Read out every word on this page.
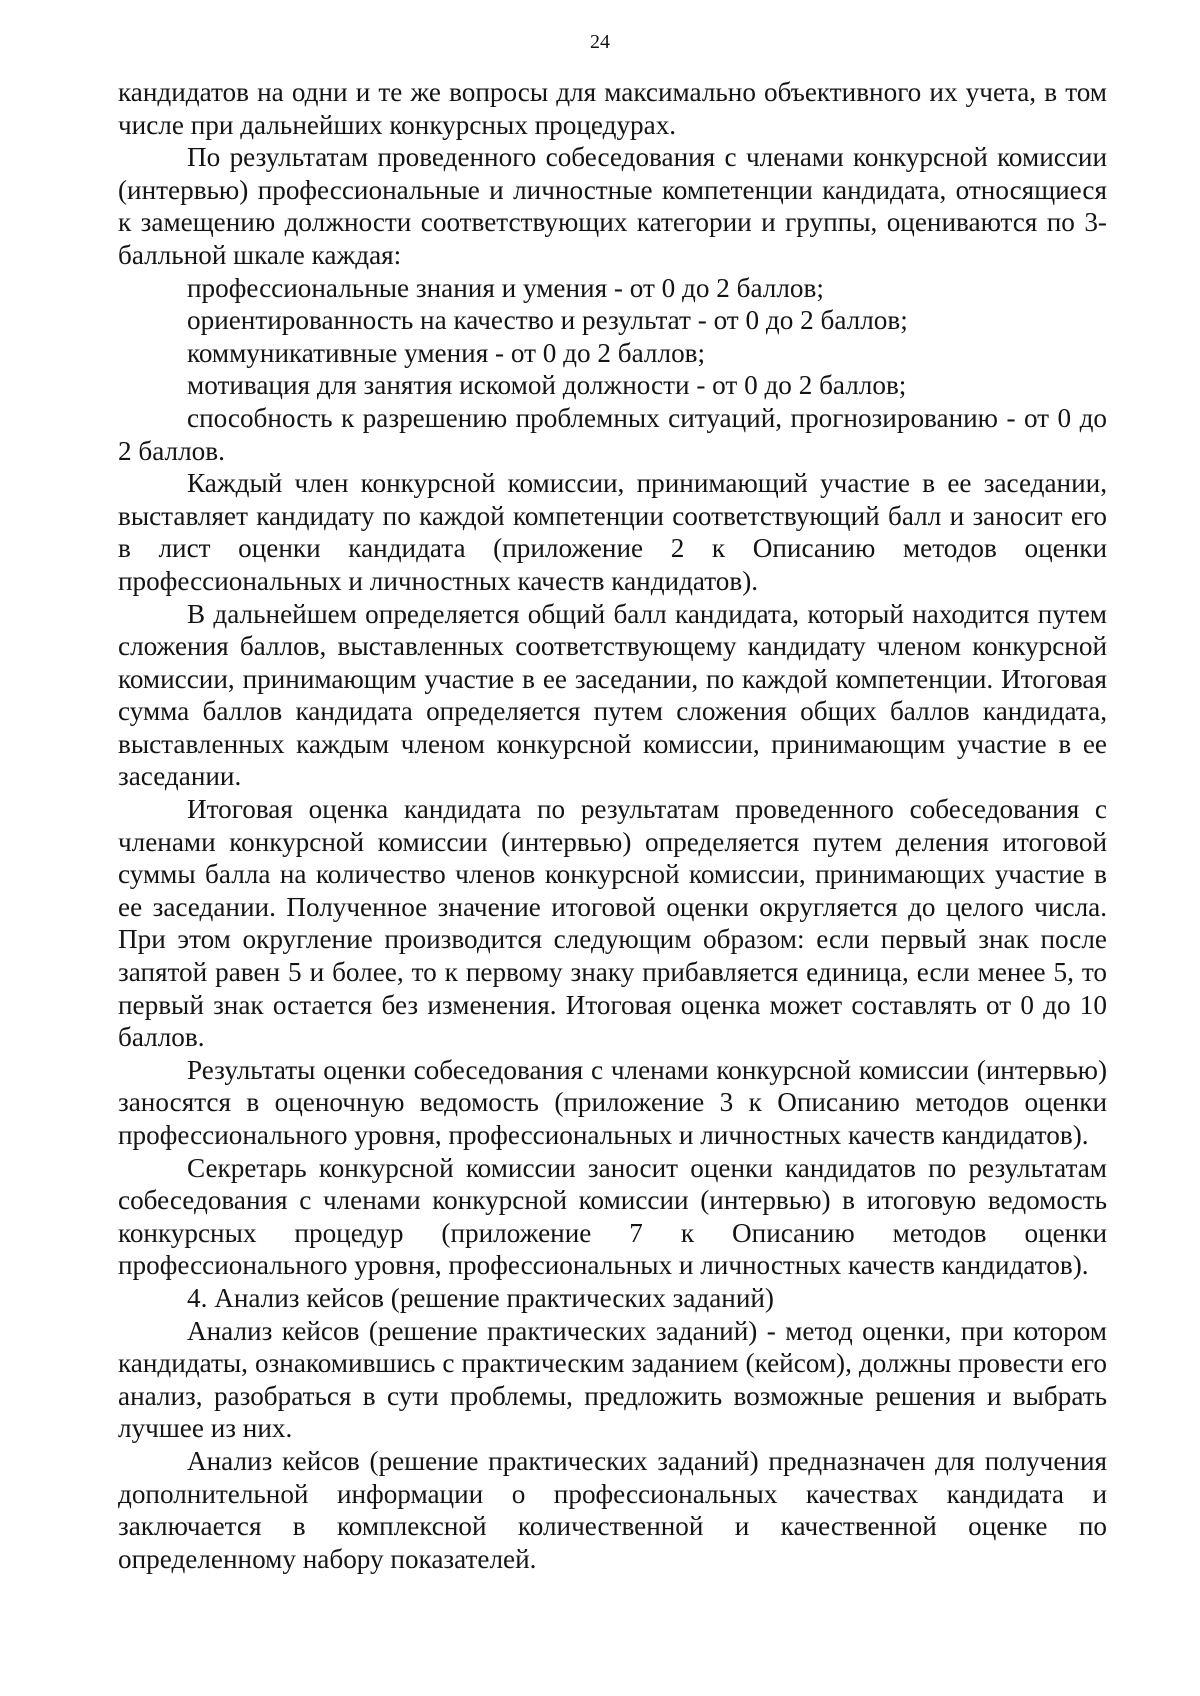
24

кандидатов на одни и те же вопросы для максимально объективного их учета, в том числе при дальнейших конкурсных процедурах.

По результатам проведенного собеседования с членами конкурсной комиссии (интервью) профессиональные и личностные компетенции кандидата, относящиеся к замещению должности соответствующих категории и группы, оцениваются по 3-балльной шкале каждая:

профессиональные знания и умения - от 0 до 2 баллов;

ориентированность на качество и результат - от 0 до 2 баллов;

коммуникативные умения - от 0 до 2 баллов;

мотивация для занятия искомой должности - от 0 до 2 баллов;

способность к разрешению проблемных ситуаций, прогнозированию - от 0 до 2 баллов.

Каждый член конкурсной комиссии, принимающий участие в ее заседании, выставляет кандидату по каждой компетенции соответствующий балл и заносит его в лист оценки кандидата (приложение 2 к Описанию методов оценки профессиональных и личностных качеств кандидатов).

В дальнейшем определяется общий балл кандидата, который находится путем сложения баллов, выставленных соответствующему кандидату членом конкурсной комиссии, принимающим участие в ее заседании, по каждой компетенции. Итоговая сумма баллов кандидата определяется путем сложения общих баллов кандидата, выставленных каждым членом конкурсной комиссии, принимающим участие в ее заседании.

Итоговая оценка кандидата по результатам проведенного собеседования с членами конкурсной комиссии (интервью) определяется путем деления итоговой суммы балла на количество членов конкурсной комиссии, принимающих участие в ее заседании. Полученное значение итоговой оценки округляется до целого числа. При этом округление производится следующим образом: если первый знак после запятой равен 5 и более, то к первому знаку прибавляется единица, если менее 5, то первый знак остается без изменения. Итоговая оценка может составлять от 0 до 10 баллов.

Результаты оценки собеседования с членами конкурсной комиссии (интервью) заносятся в оценочную ведомость (приложение 3 к Описанию методов оценки профессионального уровня, профессиональных и личностных качеств кандидатов).

Секретарь конкурсной комиссии заносит оценки кандидатов по результатам собеседования с членами конкурсной комиссии (интервью) в итоговую ведомость конкурсных процедур (приложение 7 к Описанию методов оценки профессионального уровня, профессиональных и личностных качеств кандидатов).

4. Анализ кейсов (решение практических заданий)

Анализ кейсов (решение практических заданий) - метод оценки, при котором кандидаты, ознакомившись с практическим заданием (кейсом), должны провести его анализ, разобраться в сути проблемы, предложить возможные решения и выбрать лучшее из них.

Анализ кейсов (решение практических заданий) предназначен для получения дополнительной информации о профессиональных качествах кандидата и заключается в комплексной количественной и качественной оценке по определенному набору показателей.
